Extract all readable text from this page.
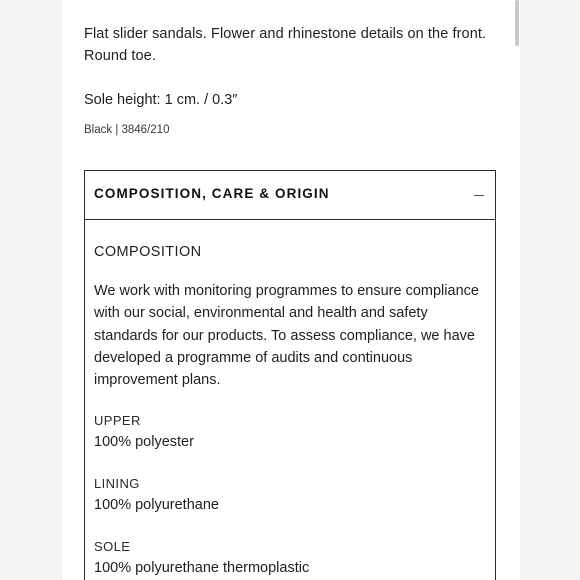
Flat slider sandals. Flower and rhinestone details on the front. Round toe.
Sole height: 1 cm. / 0.3″
Black | 3846/210
COMPOSITION, CARE & ORIGIN
COMPOSITION
We work with monitoring programmes to ensure compliance with our social, environmental and health and safety standards for our products. To assess compliance, we have developed a programme of audits and continuous improvement plans.
UPPER
100% polyester
LINING
100% polyurethane
SOLE
100% polyurethane thermoplastic
